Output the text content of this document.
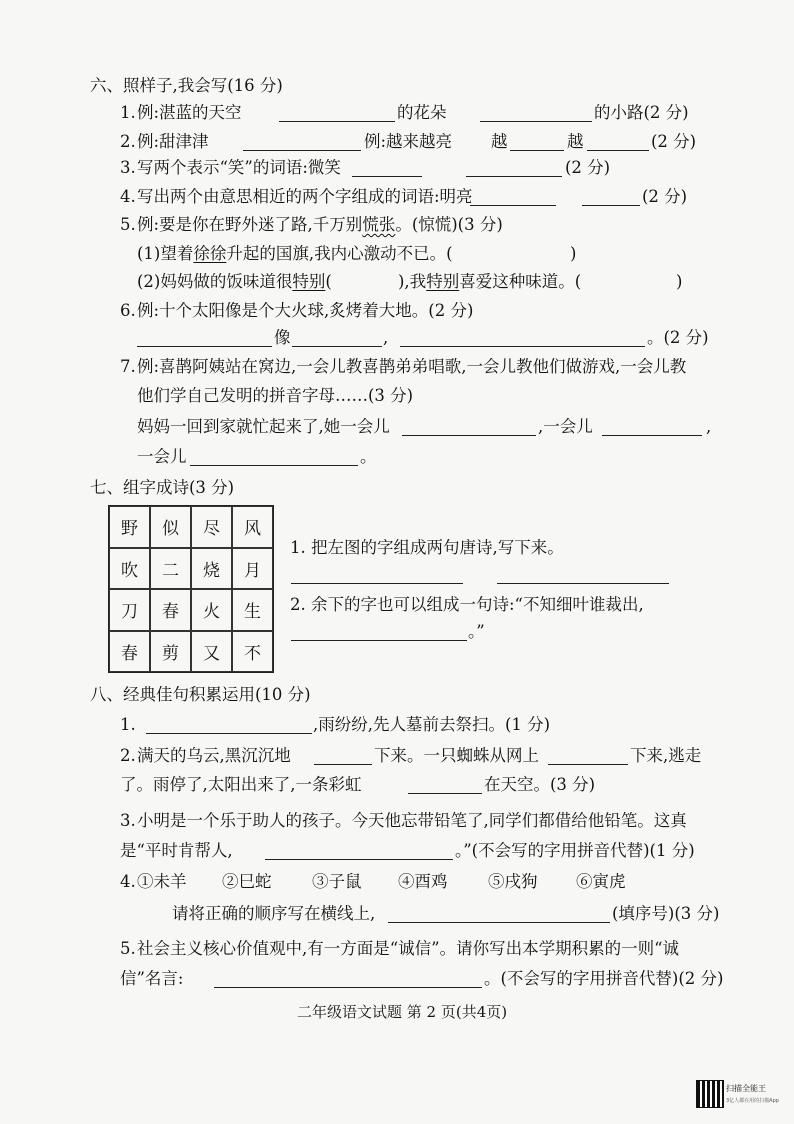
六、照样子,我会写(16 分)
1. 例:湛蓝的天空	的花朵	的小路(2 分)
2. 例:甜津津	例:越来越亮 越	越	(2 分)
3. 写两个表示“笑”的词语:微笑	(2 分)
4. 写出两个由意思相近的两个字组成的词语:明亮	(2 分)
5. 例:要是你在野外迷了路,千万别慌张。(惊慌)(3 分)
(1)望着徐徐升起的国旗,我内心激动不已。(	)
(2)妈妈做的饭味道很特别(	),我特别喜爱这种味道。(	)
6. 例:十个太阳像是个大火球,炙烤着大地。(2 分)
像	,	。(2 分)
7. 例:喜鹊阿姨站在窝边,一会儿教喜鹊弟弟唱歌,一会儿教他们做游戏,一会儿教
他们学自己发明的拼音字母……(3 分)
妈妈一回到家就忙起来了,她一会儿	,一会儿	,
一会儿	。
七、组字成诗(3 分)
野	似	尽	风
吹	二	烧	月
刀	春	火	生
春	剪	又	不
1. 把左图的字组成两句唐诗,写下来。
2. 余下的字也可以组成一句诗:“不知细叶谁裁出,
。”
八、经典佳句积累运用(10 分)
1.	,雨纷纷,先人墓前去祭扫。(1 分)
2. 满天的乌云,黑沉沉地	下来。一只蜘蛛从网上	下来,逃走
了。雨停了,太阳出来了,一条彩虹	在天空。(3 分)
3. 小明是一个乐于助人的孩子。今天他忘带铅笔了,同学们都借给他铅笔。这真
是“平时肯帮人,	。”(不会写的字用拼音代替)(1 分)
4. ①未羊 ②巳蛇 ③子鼠 ④酉鸡 ⑤戌狗 ⑥寅虎
请将正确的顺序写在横线上,	(填序号)(3 分)
5. 社会主义核心价值观中,有一方面是“诚信”。请你写出本学期积累的一则“诚
信”名言:	。(不会写的字用拼音代替)(2 分)
二年级语文试题 第 2 页(共4页)
扫描全能王
3亿人都在用的扫描App
